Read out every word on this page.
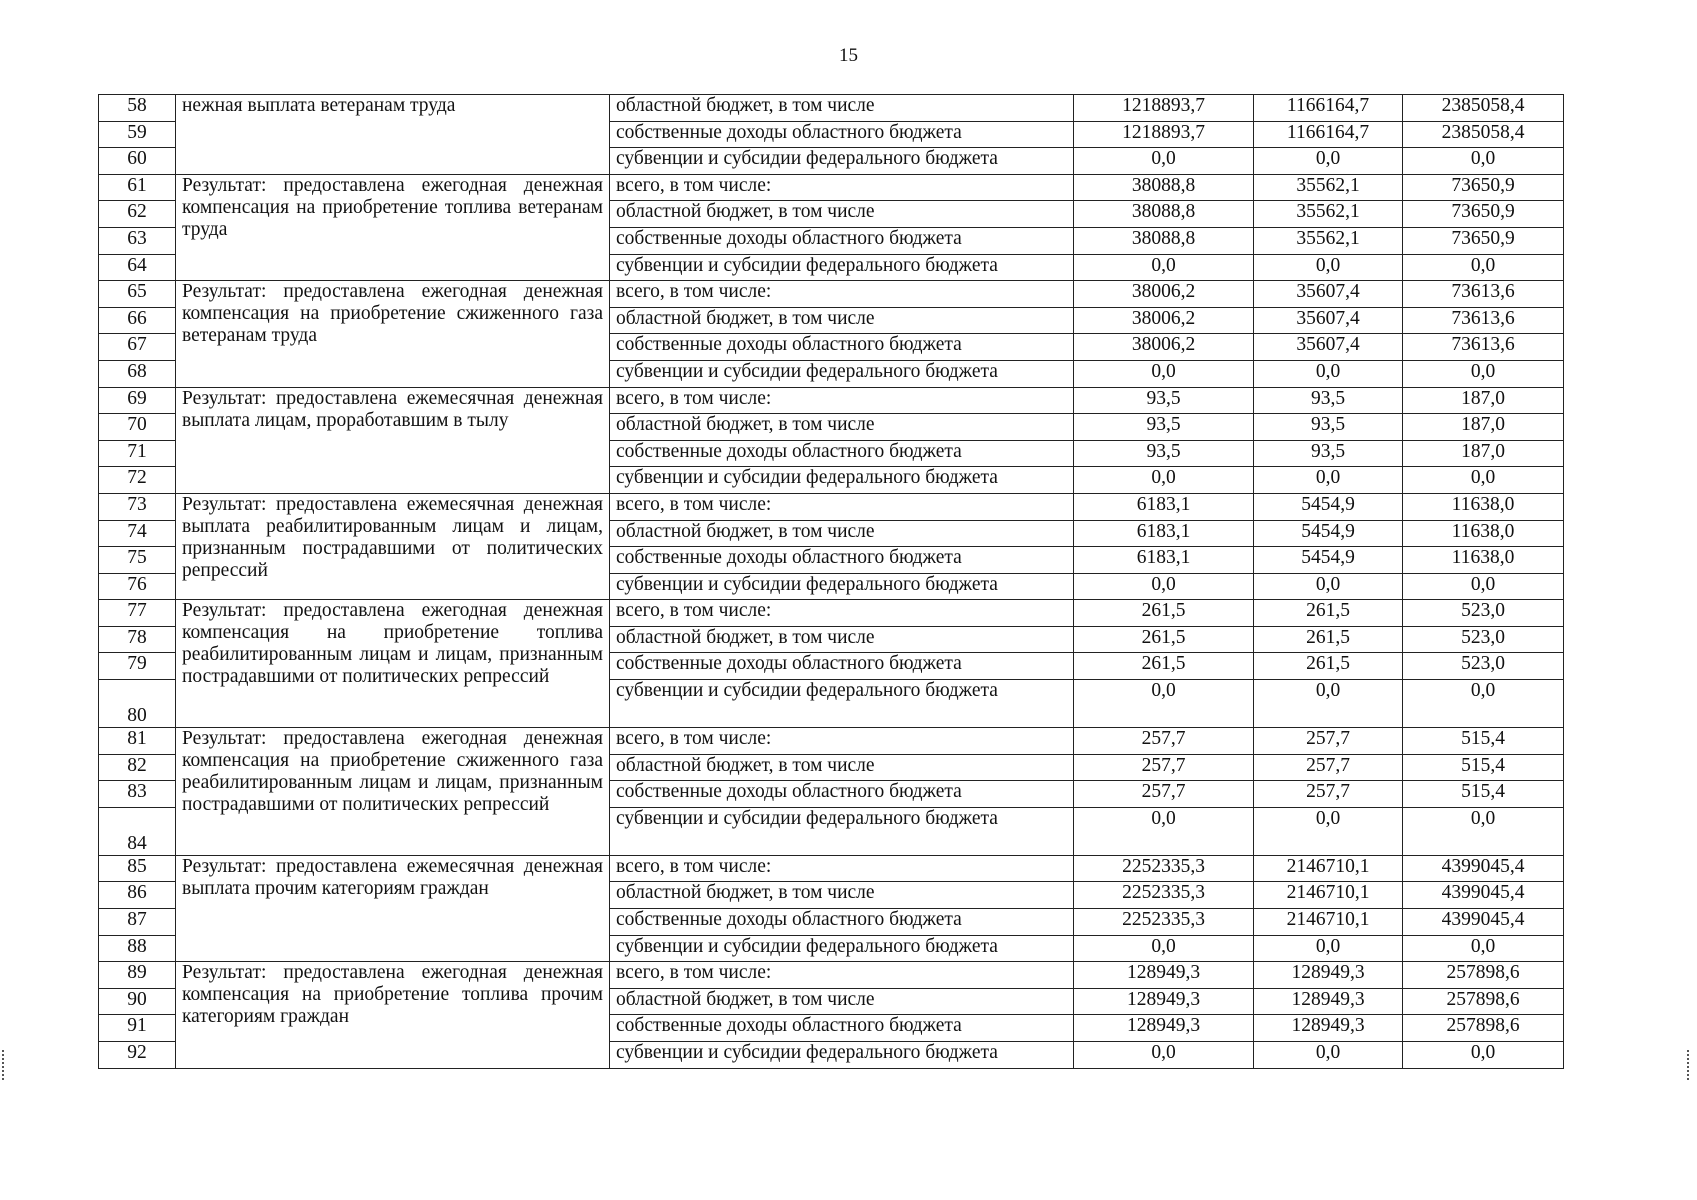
15
58	нежная выплата ветеранам труда	областной бюджет, в том числе	1218893,7	1166164,7	2385058,4
59		собственные доходы областного бюджета	1218893,7	1166164,7	2385058,4
60		субвенции и субсидии федерального бюджета	0,0	0,0	0,0
61	Результат: предоставлена ежегодная денежная компенсация на приобретение топлива ветеранам труда	всего, в том числе:	38088,8	35562,1	73650,9
62		областной бюджет, в том числе	38088,8	35562,1	73650,9
63		собственные доходы областного бюджета	38088,8	35562,1	73650,9
64		субвенции и субсидии федерального бюджета	0,0	0,0	0,0
65	Результат: предоставлена ежегодная денежная компенсация на приобретение сжиженного газа ветеранам труда	всего, в том числе:	38006,2	35607,4	73613,6
66		областной бюджет, в том числе	38006,2	35607,4	73613,6
67		собственные доходы областного бюджета	38006,2	35607,4	73613,6
68		субвенции и субсидии федерального бюджета	0,0	0,0	0,0
69	Результат: предоставлена ежемесячная денежная выплата лицам, проработавшим в тылу	всего, в том числе:	93,5	93,5	187,0
70		областной бюджет, в том числе	93,5	93,5	187,0
71		собственные доходы областного бюджета	93,5	93,5	187,0
72		субвенции и субсидии федерального бюджета	0,0	0,0	0,0
73	Результат: предоставлена ежемесячная денежная выплата реабилитированным лицам и лицам, признанным пострадавшими от политических репрессий	всего, в том числе:	6183,1	5454,9	11638,0
74		областной бюджет, в том числе	6183,1	5454,9	11638,0
75		собственные доходы областного бюджета	6183,1	5454,9	11638,0
76		субвенции и субсидии федерального бюджета	0,0	0,0	0,0
77	Результат: предоставлена ежегодная денежная компенсация на приобретение топлива реабилитированным лицам и лицам, признанным пострадавшими от политических репрессий	всего, в том числе:	261,5	261,5	523,0
78		областной бюджет, в том числе	261,5	261,5	523,0
79		собственные доходы областного бюджета	261,5	261,5	523,0
80		субвенции и субсидии федерального бюджета	0,0	0,0	0,0
81	Результат: предоставлена ежегодная денежная компенсация на приобретение сжиженного газа реабилитированным лицам и лицам, признанным пострадавшими от политических репрессий	всего, в том числе:	257,7	257,7	515,4
82		областной бюджет, в том числе	257,7	257,7	515,4
83		собственные доходы областного бюджета	257,7	257,7	515,4
84		субвенции и субсидии федерального бюджета	0,0	0,0	0,0
85	Результат: предоставлена ежемесячная денежная выплата прочим категориям граждан	всего, в том числе:	2252335,3	2146710,1	4399045,4
86		областной бюджет, в том числе	2252335,3	2146710,1	4399045,4
87		собственные доходы областного бюджета	2252335,3	2146710,1	4399045,4
88		субвенции и субсидии федерального бюджета	0,0	0,0	0,0
89	Результат: предоставлена ежегодная денежная компенсация на приобретение топлива прочим категориям граждан	всего, в том числе:	128949,3	128949,3	257898,6
90		областной бюджет, в том числе	128949,3	128949,3	257898,6
91		собственные доходы областного бюджета	128949,3	128949,3	257898,6
92		субвенции и субсидии федерального бюджета	0,0	0,0	0,0
